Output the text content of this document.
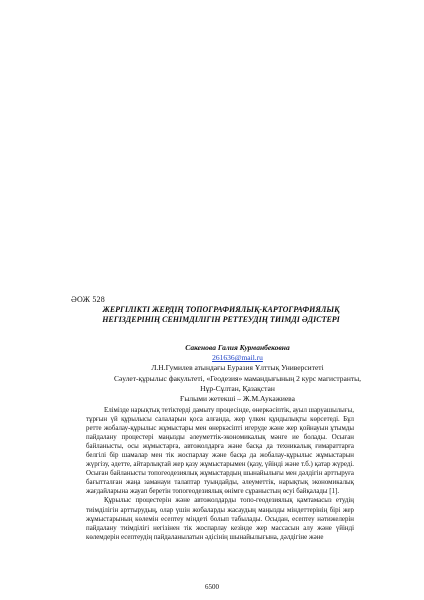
ӘОЖ 528
ЖЕРГІЛІКТІ ЖЕРДІҢ ТОПОГРАФИЯЛЫҚ-КАРТОГРАФИЯЛЫҚ
НЕГІЗДЕРІНІҢ СЕНІМДІЛІГІН РЕТТЕУДІҢ ТИІМДІ ӘДІСТЕРІ
Сакенова Галия Курманбековна
261636@mail.ru
Л.Н.Гумилев атындағы Еуразия Ұлттық Университеті
Сәулет-құрылыс факультеті, «Геодезия» мамандығының 2 курс магистранты,
Нұр-Сұлтан, Қазақстан
Ғылыми жетекші – Ж.М.Аукажиева

Елімізде нарықтық тетіктерді дамыту процесінде, өнеркәсіптік, ауыл шаруашылығы, тұрғын үй құрылысы салаларын қоса алғанда, жер үлкен құндылықты көрсетеді. Бұл ретте жобалау-құрылыс жұмыстары мен өнеркәсіпті игеруде және жер қойнауын ұтымды пайдалану процестері маңызды әлеуметтік-экономикалық мәнге ие болады. Осыған байланысты, осы жұмыстарға, автожолдарға және басқа да техникалық ғимараттарға белгілі бір шамалар мен тік жоспарлау және басқа да жобалау-құрылыс жұмыстарын жүргізу, әдетте, айтарлықтай жер қазу жұмыстарымен (қазу, үйінді және т.б.) қатар жүреді. Осыған байланысты топогеодезиялық жұмыстардың шынайылығы мен дәлдігін арттыруға бағытталған жаңа заманауи талаптар туындайды, әлеуметтік, нарықтық экономикалық жағдайларына жауап беретін топогеодезиялық өнімге сұраныстың өсуі байқалады [1].

Құрылыс процестерін және автожолдарды топо-геодезиялық қамтамасыз етудің тиімділігін арттырудың, олар үшін жобаларды жасаудың маңызды міндеттерінің бірі жер жұмыстарының көлемін есептеу міндеті болып табылады. Осыдан, есептеу нәтижелерін пайдалану тиімділігі негізінен тік жоспарлау кезінде жер массасын алу және үйінді көлемдерін есептеудің пайдаланылатын әдісінің шынайылығына, дәлдігіне және

6500
